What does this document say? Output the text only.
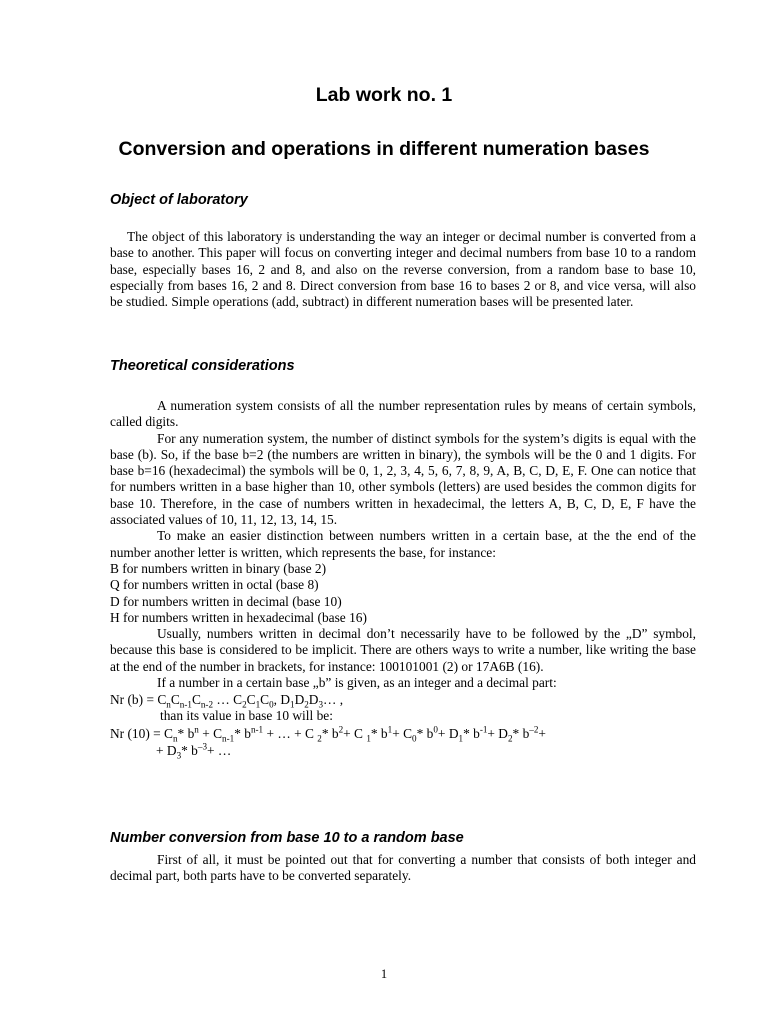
Lab work no. 1
Conversion and operations in different numeration bases
Object of laboratory

The object of this laboratory is understanding the way an integer or decimal number is converted from a base to another. This paper will focus on converting integer and decimal numbers from base 10 to a random base, especially bases 16, 2 and 8, and also on the reverse conversion, from a random base to base 10, especially from bases 16, 2 and 8. Direct conversion from base 16 to bases 2 or 8, and vice versa, will also be studied. Simple operations (add, subtract) in different numeration bases will be presented later.

Theoretical considerations

A numeration system consists of all the number representation rules by means of certain symbols, called digits.

For any numeration system, the number of distinct symbols for the system’s digits is equal with the base (b). So, if the base b=2 (the numbers are written in binary), the symbols will be the 0 and 1 digits. For base b=16 (hexadecimal) the symbols will be 0, 1, 2, 3, 4, 5, 6, 7, 8, 9, A, B, C, D, E, F. One can notice that for numbers written in a base higher than 10, other symbols (letters) are used besides the common digits for base 10. Therefore, in the case of numbers written in hexadecimal, the letters A, B, C, D, E, F have the associated values of 10, 11, 12, 13, 14, 15.

To make an easier distinction between numbers written in a certain base, at the the end of the number another letter is written, which represents the base, for instance:

B for numbers written in binary (base 2)
Q for numbers written in octal (base 8)
D for numbers written in decimal (base 10)
H for numbers written in hexadecimal (base 16)

Usually, numbers written in decimal don’t necessarily have to be followed by the „D” symbol, because this base is considered to be implicit. There are others ways to write a number, like writing the base at the end of the number in brackets, for instance: 100101001 (2) or 17A6B (16).

If a number in a certain base „b” is given, as an integer and a decimal part:

Nr $(b) = C_nC_{n-1}C_{n-2}$ … $C_2C_1C_0$, $D_1D_2D_3\dots$ ,
than its value in base 10 will be:
Nr $(10) = C_n*$ $b^n + C_{n-1}*$ $b^{n-1}$ + … + C $_2$* $b^2+ C$ $_1$* $b^1+ C_0*$ $b^0+ D_1*$ $b^{-1}+ D_2*$ $b^{-2}+$
+ $D_3*$ $b^{-3}+$ …
Number conversion from base 10 to a random base

First of all, it must be pointed out that for converting a number that consists of both integer and decimal part, both parts have to be converted separately.

1
